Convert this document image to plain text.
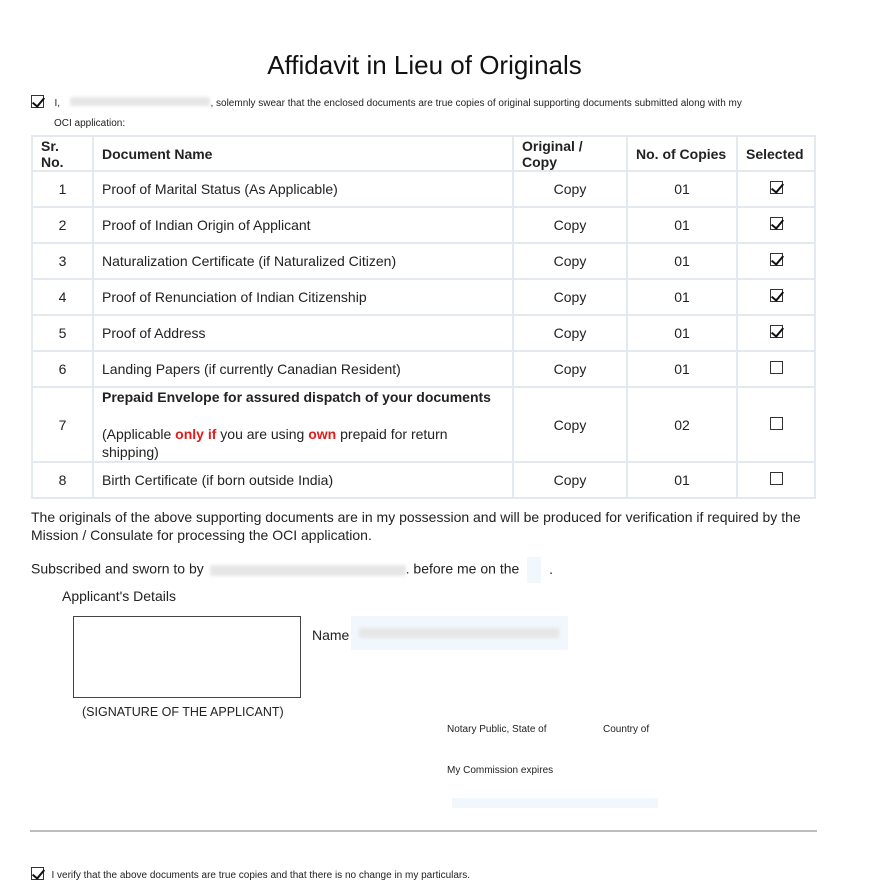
Affidavit in Lieu of Originals
I,	, solemnly swear that the enclosed documents are true copies of original supporting documents submitted along with my
OCI application:
Sr. No.	Document Name	Original / Copy	No. of Copies	Selected
1	Proof of Marital Status (As Applicable)	Copy	01	
2	Proof of Indian Origin of Applicant	Copy	01	
3	Naturalization Certificate (if Naturalized Citizen)	Copy	01	
4	Proof of Renunciation of Indian Citizenship	Copy	01	
5	Proof of Address	Copy	01	
6	Landing Papers (if currently Canadian Resident)	Copy	01	
7	Prepaid Envelope for assured dispatch of your documents
(Applicable only if you are using own prepaid for return shipping)	Copy	02	
8	Birth Certificate (if born outside India)	Copy	01	
The originals of the above supporting documents are in my possession and will be produced for verification if required by the Mission / Consulate for processing the OCI application.
Subscribed and sworn to by	. before me on the .
Applicant's Details
(SIGNATURE OF THE APPLICANT)
Name
Notary Public, State of	Country of
My Commission expires
I verify that the above documents are true copies and that there is no change in my particulars.
